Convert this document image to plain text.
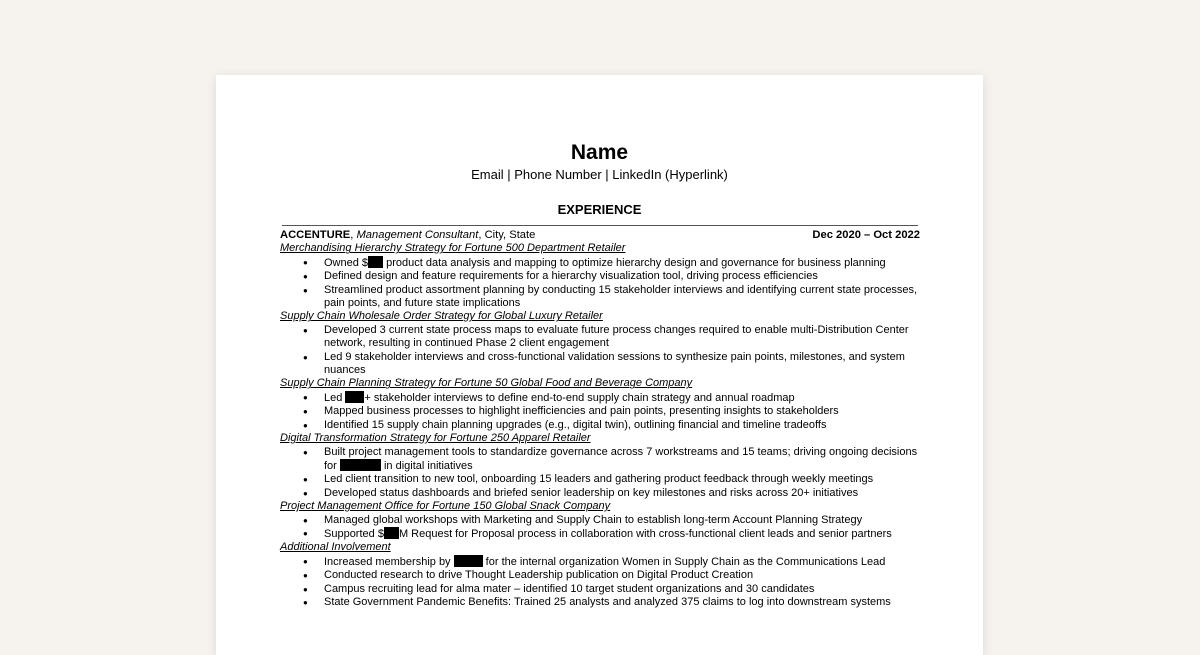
Name
Email | Phone Number | LinkedIn (Hyperlink)
EXPERIENCE
ACCENTURE, Management Consultant, City, State	Dec 2020 – Oct 2022
Merchandising Hierarchy Strategy for Fortune 500 Department Retailer
● Owned $ product data analysis and mapping to optimize hierarchy design and governance for business planning
● Defined design and feature requirements for a hierarchy visualization tool, driving process efficiencies
● Streamlined product assortment planning by conducting 15 stakeholder interviews and identifying current state processes, pain points, and future state implications
Supply Chain Wholesale Order Strategy for Global Luxury Retailer
● Developed 3 current state process maps to evaluate future process changes required to enable multi-Distribution Center network, resulting in continued Phase 2 client engagement
● Led 9 stakeholder interviews and cross-functional validation sessions to synthesize pain points, milestones, and system nuances
Supply Chain Planning Strategy for Fortune 50 Global Food and Beverage Company
● Led + stakeholder interviews to define end-to-end supply chain strategy and annual roadmap
● Mapped business processes to highlight inefficiencies and pain points, presenting insights to stakeholders
● Identified 15 supply chain planning upgrades (e.g., digital twin), outlining financial and timeline tradeoffs
Digital Transformation Strategy for Fortune 250 Apparel Retailer
● Built project management tools to standardize governance across 7 workstreams and 15 teams; driving ongoing decisions for	in digital initiatives
● Led client transition to new tool, onboarding 15 leaders and gathering product feedback through weekly meetings
● Developed status dashboards and briefed senior leadership on key milestones and risks across 20+ initiatives
Project Management Office for Fortune 150 Global Snack Company
● Managed global workshops with Marketing and Supply Chain to establish long-term Account Planning Strategy
● Supported $ M Request for Proposal process in collaboration with cross-functional client leads and senior partners
Additional Involvement
● Increased membership by	for the internal organization Women in Supply Chain as the Communications Lead
● Conducted research to drive Thought Leadership publication on Digital Product Creation
● Campus recruiting lead for alma mater – identified 10 target student organizations and 30 candidates
● State Government Pandemic Benefits: Trained 25 analysts and analyzed 375 claims to log into downstream systems
